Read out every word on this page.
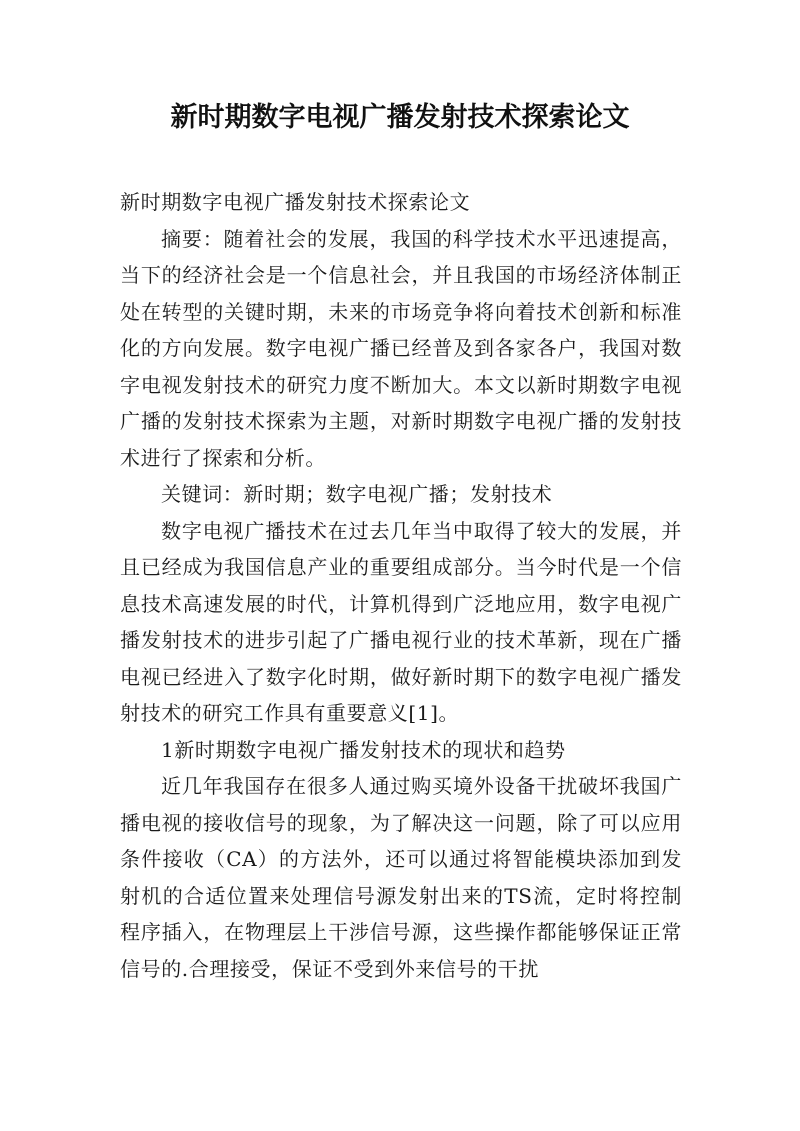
新时期数字电视广播发射技术探索论文

新时期数字电视广播发射技术探索论文

摘要：随着社会的发展，我国的科学技术水平迅速提高，当下的经济社会是一个信息社会，并且我国的市场经济体制正处在转型的关键时期，未来的市场竞争将向着技术创新和标准化的方向发展。数字电视广播已经普及到各家各户，我国对数字电视发射技术的研究力度不断加大。本文以新时期数字电视广播的发射技术探索为主题，对新时期数字电视广播的发射技术进行了探索和分析。

关键词：新时期；数字电视广播；发射技术

数字电视广播技术在过去几年当中取得了较大的发展，并且已经成为我国信息产业的重要组成部分。当今时代是一个信息技术高速发展的时代，计算机得到广泛地应用，数字电视广播发射技术的进步引起了广播电视行业的技术革新，现在广播电视已经进入了数字化时期，做好新时期下的数字电视广播发射技术的研究工作具有重要意义[1]。

1新时期数字电视广播发射技术的现状和趋势

近几年我国存在很多人通过购买境外设备干扰破坏我国广播电视的接收信号的现象，为了解决这一问题，除了可以应用条件接收（CA）的方法外，还可以通过将智能模块添加到发射机的合适位置来处理信号源发射出来的TS流，定时将控制程序插入，在物理层上干涉信号源，这些操作都能够保证正常信号的.合理接受，保证不受到外来信号的干扰
